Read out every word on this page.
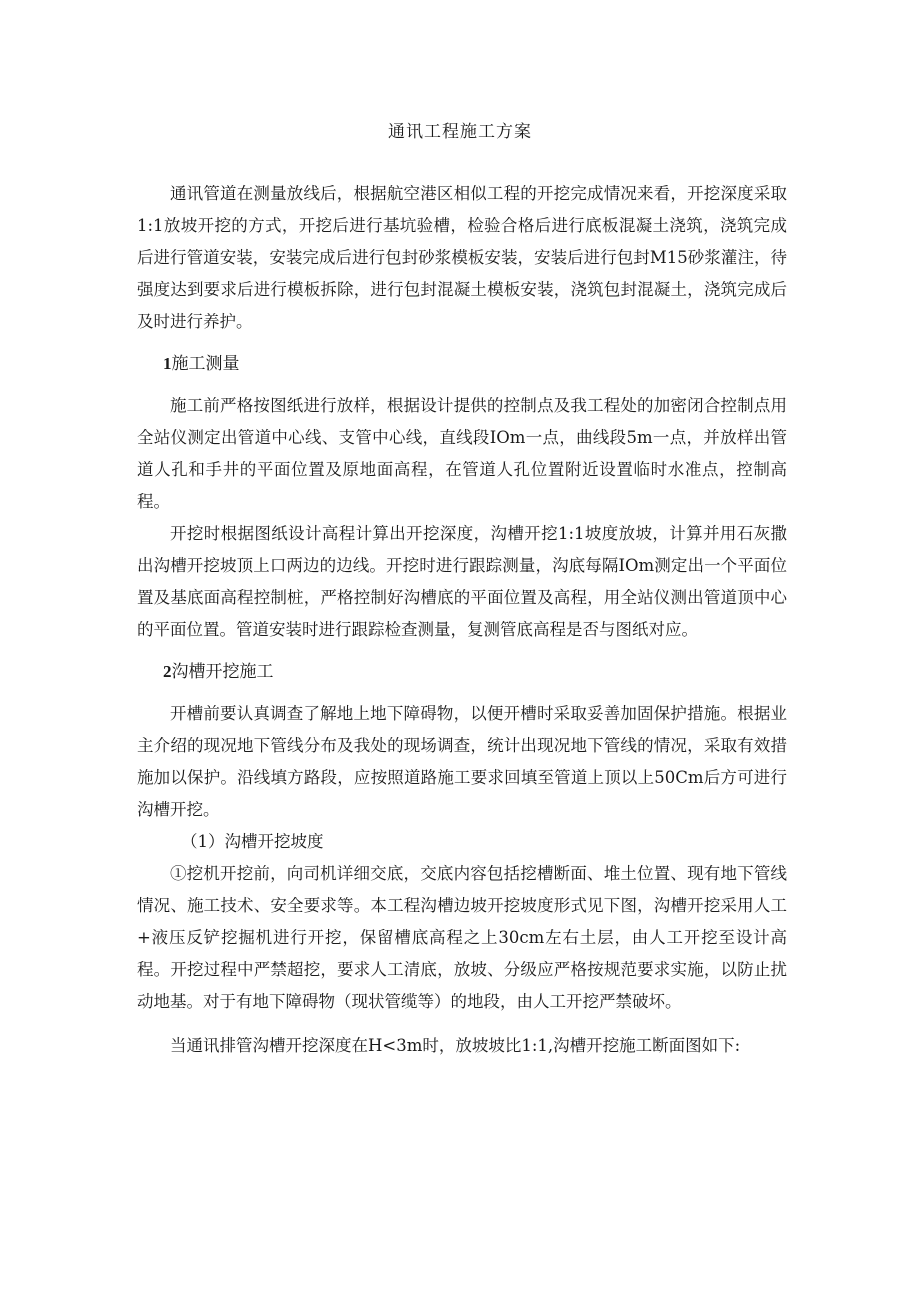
通讯工程施工方案

通讯管道在测量放线后，根据航空港区相似工程的开挖完成情况来看，开挖深度采取1:1放坡开挖的方式，开挖后进行基坑验槽，检验合格后进行底板混凝土浇筑，浇筑完成后进行管道安装，安装完成后进行包封砂浆模板安装，安装后进行包封M15砂浆灌注，待强度达到要求后进行模板拆除，进行包封混凝土模板安装，浇筑包封混凝土，浇筑完成后及时进行养护。

1施工测量

施工前严格按图纸进行放样，根据设计提供的控制点及我工程处的加密闭合控制点用全站仪测定出管道中心线、支管中心线，直线段IOm一点，曲线段5m一点，并放样出管道人孔和手井的平面位置及原地面高程，在管道人孔位置附近设置临时水准点，控制高程。

开挖时根据图纸设计高程计算出开挖深度，沟槽开挖1:1坡度放坡，计算并用石灰撒出沟槽开挖坡顶上口两边的边线。开挖时进行跟踪测量，沟底每隔IOm测定出一个平面位置及基底面高程控制桩，严格控制好沟槽底的平面位置及高程，用全站仪测出管道顶中心的平面位置。管道安装时进行跟踪检查测量，复测管底高程是否与图纸对应。

2沟槽开挖施工

开槽前要认真调查了解地上地下障碍物，以便开槽时采取妥善加固保护措施。根据业主介绍的现况地下管线分布及我处的现场调查，统计出现况地下管线的情况，采取有效措施加以保护。沿线填方路段，应按照道路施工要求回填至管道上顶以上50Cm后方可进行沟槽开挖。

（1）沟槽开挖坡度

①挖机开挖前，向司机详细交底，交底内容包括挖槽断面、堆土位置、现有地下管线情况、施工技术、安全要求等。本工程沟槽边坡开挖坡度形式见下图，沟槽开挖采用人工+液压反铲挖掘机进行开挖，保留槽底高程之上30cm左右土层，由人工开挖至设计高程。开挖过程中严禁超挖，要求人工清底，放坡、分级应严格按规范要求实施，以防止扰动地基。对于有地下障碍物（现状管缆等）的地段，由人工开挖严禁破坏。

当通讯排管沟槽开挖深度在H<3m时，放坡坡比1:1,沟槽开挖施工断面图如下:
